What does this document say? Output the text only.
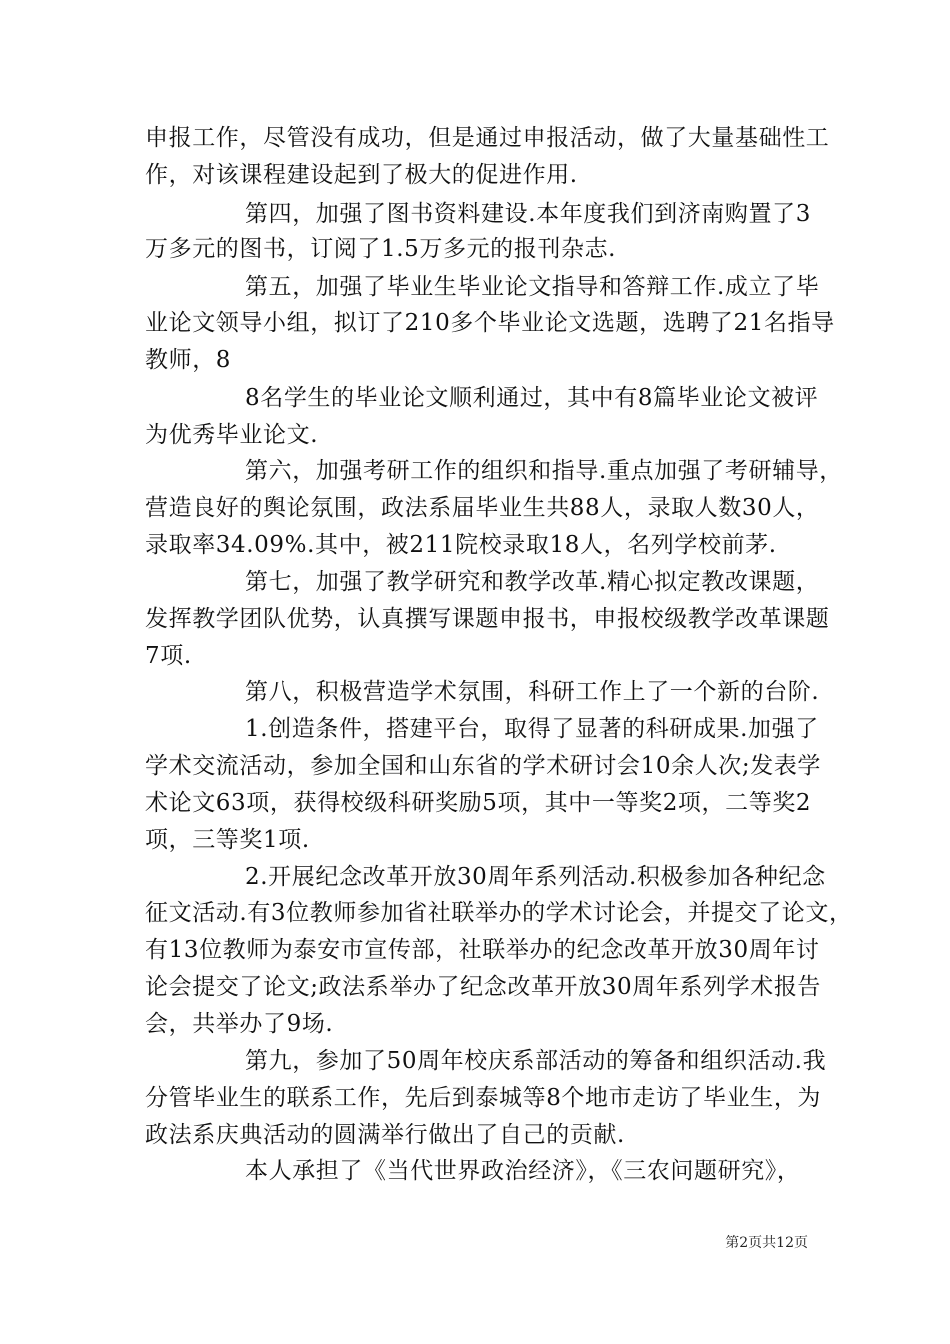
申报工作，尽管没有成功，但是通过申报活动，做了大量基础性工
作，对该课程建设起到了极大的促进作用.
第四，加强了图书资料建设.本年度我们到济南购置了3
万多元的图书，订阅了1.5万多元的报刊杂志.
第五，加强了毕业生毕业论文指导和答辩工作.成立了毕
业论文领导小组，拟订了210多个毕业论文选题，选聘了21名指导
教师，8
8名学生的毕业论文顺利通过，其中有8篇毕业论文被评
为优秀毕业论文.
第六，加强考研工作的组织和指导.重点加强了考研辅导，
营造良好的舆论氛围，政法系届毕业生共88人，录取人数30人，
录取率34.09%.其中，被211院校录取18人，名列学校前茅.
第七，加强了教学研究和教学改革.精心拟定教改课题，
发挥教学团队优势，认真撰写课题申报书，申报校级教学改革课题
7项.
第八，积极营造学术氛围，科研工作上了一个新的台阶.
1.创造条件，搭建平台，取得了显著的科研成果.加强了
学术交流活动，参加全国和山东省的学术研讨会10余人次;发表学
术论文63项，获得校级科研奖励5项，其中一等奖2项，二等奖2
项，三等奖1项.
2.开展纪念改革开放30周年系列活动.积极参加各种纪念
征文活动.有3位教师参加省社联举办的学术讨论会，并提交了论文，
有13位教师为泰安市宣传部，社联举办的纪念改革开放30周年讨
论会提交了论文;政法系举办了纪念改革开放30周年系列学术报告
会，共举办了9场.
第九，参加了50周年校庆系部活动的筹备和组织活动.我
分管毕业生的联系工作，先后到泰城等8个地市走访了毕业生，为
政法系庆典活动的圆满举行做出了自己的贡献.
本人承担了《当代世界政治经济》，《三农问题研究》，
第2页共12页
